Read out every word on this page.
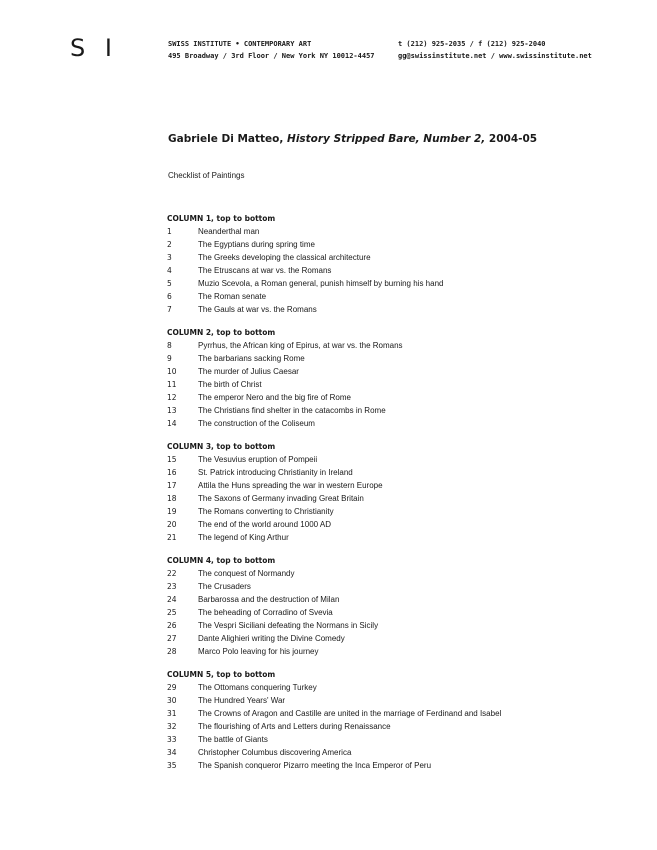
S I	SWISS INSTITUTE • CONTEMPORARY ART
495 Broadway / 3rd Floor / New York NY 10012-4457
t (212) 925-2035 / f (212) 925-2040
gg@swissinstitute.net / www.swissinstitute.net
Gabriele Di Matteo, History Stripped Bare, Number 2, 2004-05
Checklist of Paintings
COLUMN 1, top to bottom
1	Neanderthal man
2	The Egyptians during spring time
3	The Greeks developing the classical architecture
4	The Etruscans at war vs. the Romans
5	Muzio Scevola, a Roman general, punish himself by burning his hand
6	The Roman senate
7	The Gauls at war vs. the Romans
COLUMN 2, top to bottom
8	Pyrrhus, the African king of Epirus, at war vs. the Romans
9	The barbarians sacking Rome
10	The murder of Julius Caesar
11	The birth of Christ
12	The emperor Nero and the big fire of Rome
13	The Christians find shelter in the catacombs in Rome
14	The construction of the Coliseum
COLUMN 3, top to bottom
15	The Vesuvius eruption of Pompeii
16	St. Patrick introducing Christianity in Ireland
17	Attila the Huns spreading the war in western Europe
18	The Saxons of Germany invading Great Britain
19	The Romans converting to Christianity
20	The end of the world around 1000 AD
21	The legend of King Arthur
COLUMN 4, top to bottom
22	The conquest of Normandy
23	The Crusaders
24	Barbarossa and the destruction of Milan
25	The beheading of Corradino of Svevia
26	The Vespri Siciliani defeating the Normans in Sicily
27	Dante Alighieri writing the Divine Comedy
28	Marco Polo leaving for his journey
COLUMN 5, top to bottom
29	The Ottomans conquering Turkey
30	The Hundred Years' War
31	The Crowns of Aragon and Castille are united in the marriage of Ferdinand and Isabel
32	The flourishing of Arts and Letters during Renaissance
33	The battle of Giants
34	Christopher Columbus discovering America
35	The Spanish conqueror Pizarro meeting the Inca Emperor of Peru
